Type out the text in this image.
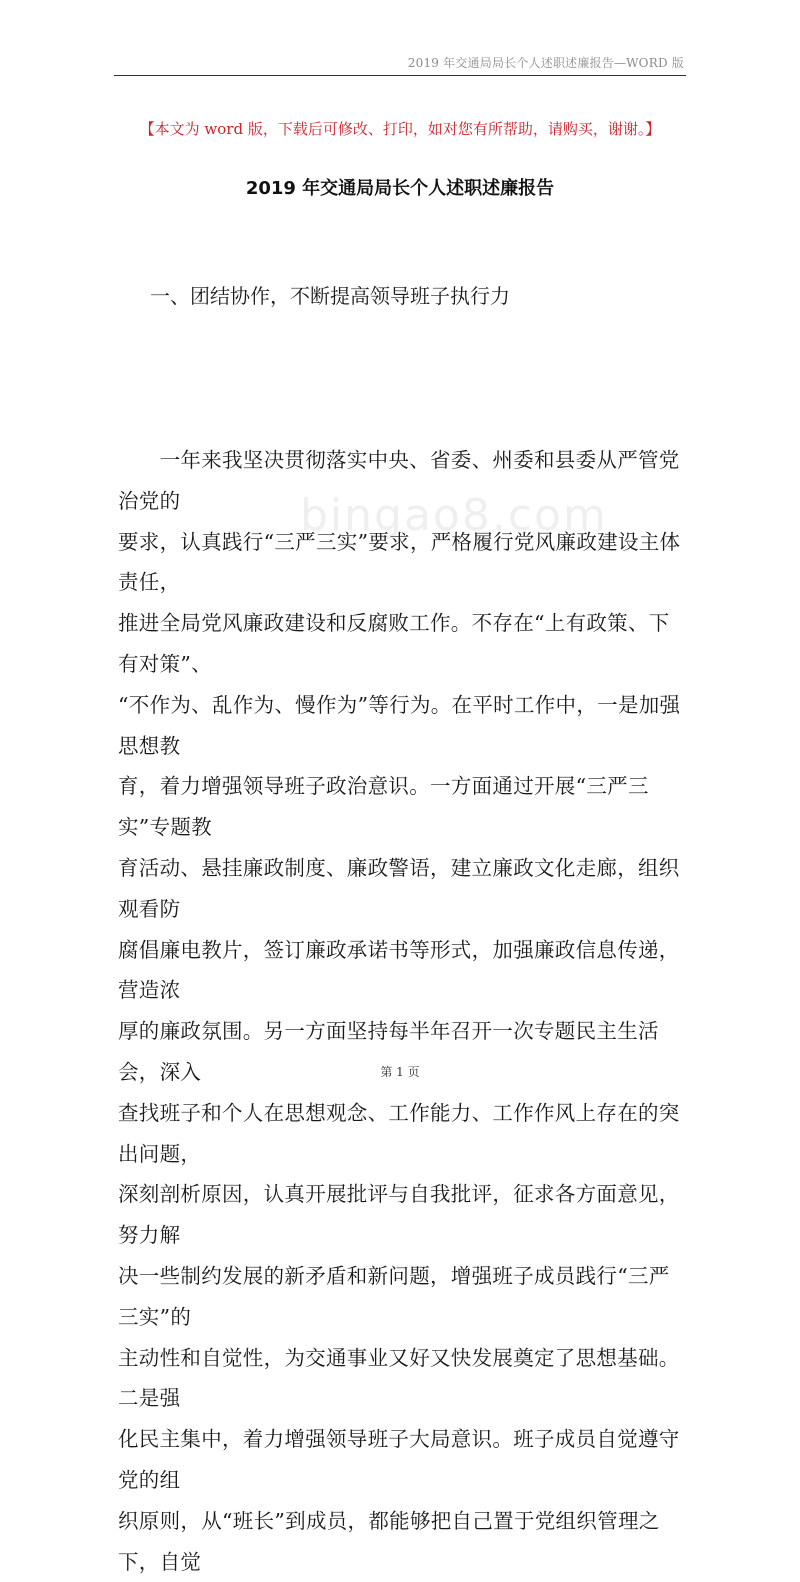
2019 年交通局局长个人述职述廉报告—WORD 版
【本文为 word 版，下载后可修改、打印，如对您有所帮助，请购买，谢谢。】
2019 年交通局局长个人述职述廉报告
一、团结协作，不断提高领导班子执行力
bingao8.com
　　一年来我坚决贯彻落实中央、省委、州委和县委从严管党治党的
要求，认真践行“三严三实”要求，严格履行党风廉政建设主体责任，
推进全局党风廉政建设和反腐败工作。不存在“上有政策、下有对策”、
“不作为、乱作为、慢作为”等行为。在平时工作中，一是加强思想教
育，着力增强领导班子政治意识。一方面通过开展“三严三实”专题教
育活动、悬挂廉政制度、廉政警语，建立廉政文化走廊，组织观看防
腐倡廉电教片，签订廉政承诺书等形式，加强廉政信息传递，营造浓
厚的廉政氛围。另一方面坚持每半年召开一次专题民主生活会，深入
查找班子和个人在思想观念、工作能力、工作作风上存在的突出问题，
深刻剖析原因，认真开展批评与自我批评，征求各方面意见，努力解
决一些制约发展的新矛盾和新问题，增强班子成员践行“三严三实”的
主动性和自觉性，为交通事业又好又快发展奠定了思想基础。二是强
化民主集中，着力增强领导班子大局意识。班子成员自觉遵守党的组
织原则，从“班长”到成员，都能够把自己置于党组织管理之下，自觉
第 1 页
